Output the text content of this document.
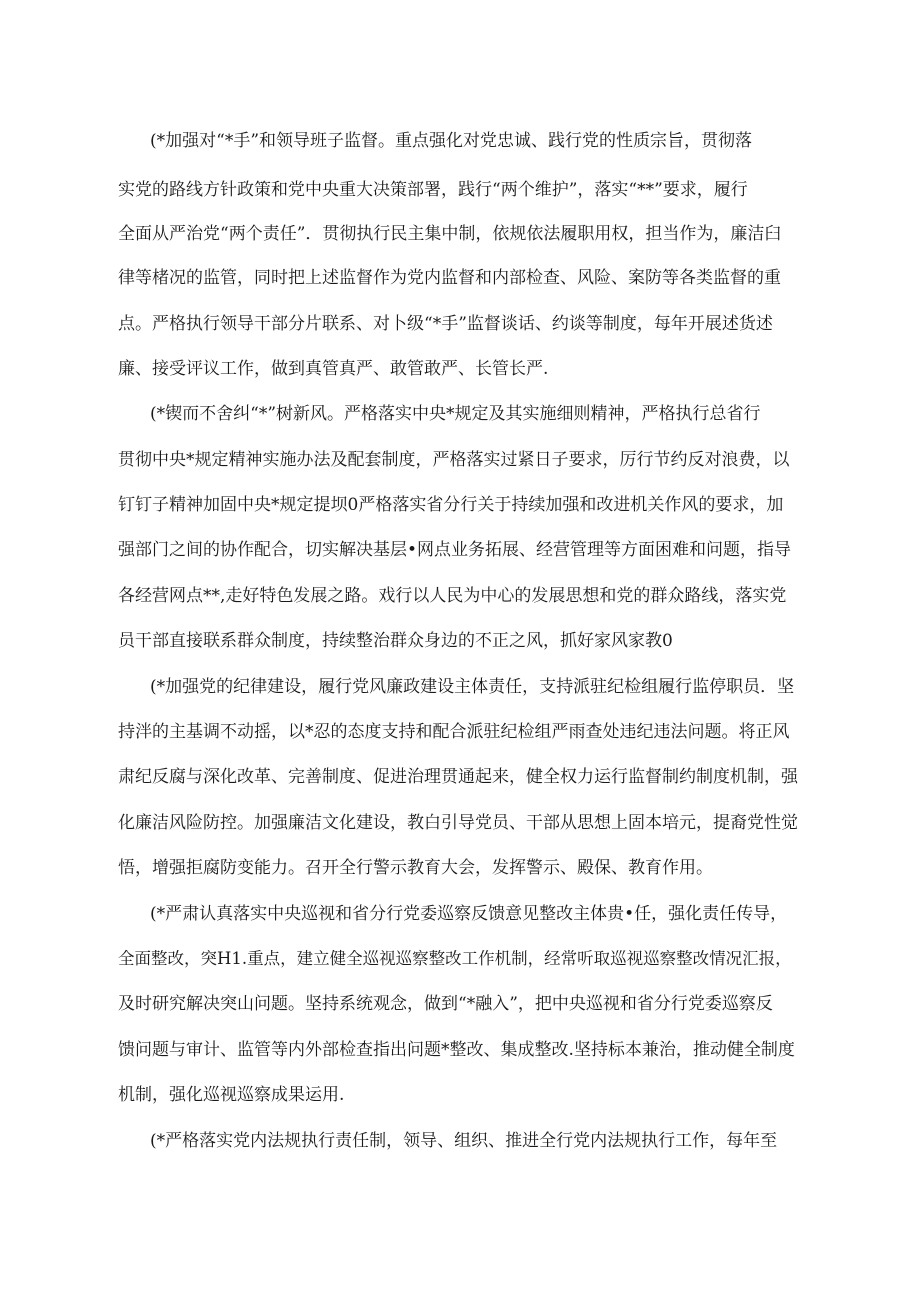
(*加强对“*手”和领导班子监督。重点强化对党忠诚、践行党的性质宗旨，贯彻落
实党的路线方针政策和党中央重大决策部署，践行“两个维护”，落实“**”要求，履行
全面从严治党“两个责任”．贯彻执行民主集中制，依规依法履职用权，担当作为，廉洁臼
律等楮况的监管，同时把上述监督作为党内监督和内部检查、风险、案防等各类监督的重
点。严格执行领导干部分片联系、对卜级“*手”监督谈话、约谈等制度，每年开展述货述
廉、接受评议工作，做到真管真严、敢管敢严、长管长严.
(*锲而不舍纠“*”树新风。严格落实中央*规定及其实施细则精神，严格执行总省行
贯彻中央*规定精神实施办法及配套制度，严格落实过紧日子要求，厉行节约反对浪费，以
钉钉子精神加固中央*规定提坝0严格落实省分行关于持续加强和改进机关作风的要求，加
强部门之间的协作配合，切实解决基层•网点业务拓展、经营管理等方面困难和问题，指导
各经营网点**,走好特色发展之路。戏行以人民为中心的发展思想和党的群众路线，落实党
员干部直接联系群众制度，持续整治群众身边的不正之风，抓好家风家教0
(*加强党的纪律建设，履行党风廉政建设主体责任，支持派驻纪检组履行监停职员．坚
持泮的主基调不动摇，以*忍的态度支持和配合派驻纪检组严雨查处违纪违法问题。将正风
肃纪反腐与深化改革、完善制度、促进治理贯通起来，健全权力运行监督制约制度机制，强
化廉洁风险防控。加强廉洁文化建设，教白引导党员、干部从思想上固本培元，提裔党性觉
悟，增强拒腐防变能力。召开全行警示教育大会，发挥警示、殿保、教育作用。
(*严肃认真落实中央巡视和省分行党委巡察反馈意见整改主体贵•任，强化责任传导，
全面整改，突H1.重点，建立健全巡视巡察整改工作机制，经常听取巡视巡察整改情况汇报，
及时研究解决突山问题。坚持系统观念，做到“*融入”，把中央巡视和省分行党委巡察反
馈问题与审计、监管等内外部检查指出问题*整改、集成整改.坚持标本兼治，推动健全制度
机制，强化巡视巡察成果运用.
(*严格落实党内法规执行责任制，领导、组织、推进全行党内法规执行工作，每年至
